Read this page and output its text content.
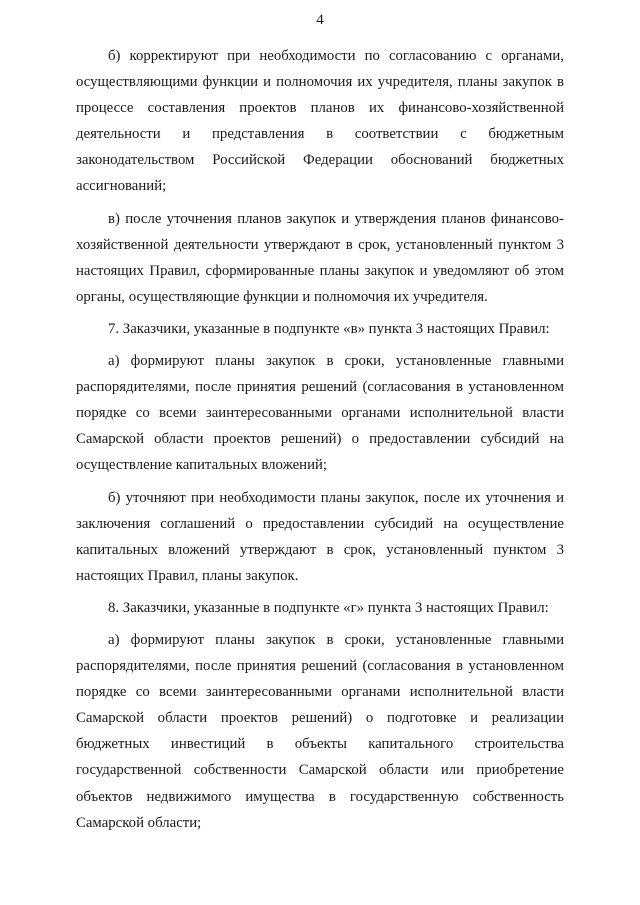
4

б) корректируют при необходимости по согласованию с органами, осуществляющими функции и полномочия их учредителя, планы закупок в процессе составления проектов планов их финансово-хозяйственной деятельности и представления в соответствии с бюджетным законодательством Российской Федерации обоснований бюджетных ассигнований;

в) после уточнения планов закупок и утверждения планов финансово-хозяйственной деятельности утверждают в срок, установленный пунктом 3 настоящих Правил, сформированные планы закупок и уведомляют об этом органы, осуществляющие функции и полномочия их учредителя.

7. Заказчики, указанные в подпункте «в» пункта 3 настоящих Правил:

а) формируют планы закупок в сроки, установленные главными распорядителями, после принятия решений (согласования в установленном порядке со всеми заинтересованными органами исполнительной власти Самарской области проектов решений) о предоставлении субсидий на осуществление капитальных вложений;

б) уточняют при необходимости планы закупок, после их уточнения и заключения соглашений о предоставлении субсидий на осуществление капитальных вложений утверждают в срок, установленный пунктом 3 настоящих Правил, планы закупок.

8. Заказчики, указанные в подпункте «г» пункта 3 настоящих Правил:

а) формируют планы закупок в сроки, установленные главными распорядителями, после принятия решений (согласования в установленном порядке со всеми заинтересованными органами исполнительной власти Самарской области проектов решений) о подготовке и реализации бюджетных инвестиций в объекты капитального строительства государственной собственности Самарской области или приобретение объектов недвижимого имущества в государственную собственность Самарской области;
